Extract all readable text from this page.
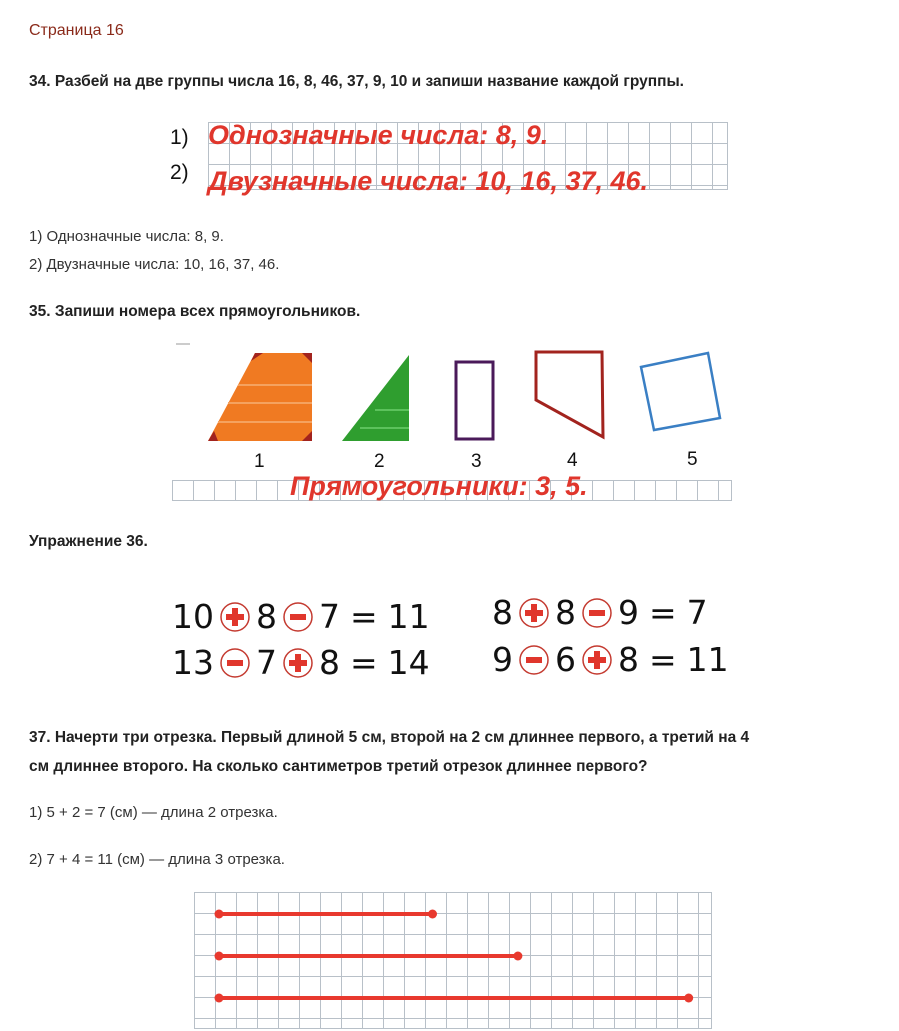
Страница 16
34. Разбей на две группы числа 16, 8, 46, 37, 9, 10 и запиши название каждой группы.
1)
2)
Однозначные числа: 8, 9.
Двузначные числа: 10, 16, 37, 46.
1) Однозначные числа: 8, 9.
2) Двузначные числа: 10, 16, 37, 46.
35. Запиши номера всех прямоугольников.
1	2	3	4	5
Прямоугольники: 3, 5.
Упражнение 36.
10 8 7 = 11
13 7 8 = 14
8 8 9 = 7
9 6 8 = 11
37. Начерти три отрезка. Первый длиной 5 см, второй на 2 см длиннее первого, а третий на 4
см длиннее второго. На сколько сантиметров третий отрезок длиннее первого?
1) 5 + 2 = 7 (см) — длина 2 отрезка.
2) 7 + 4 = 11 (см) — длина 3 отрезка.
